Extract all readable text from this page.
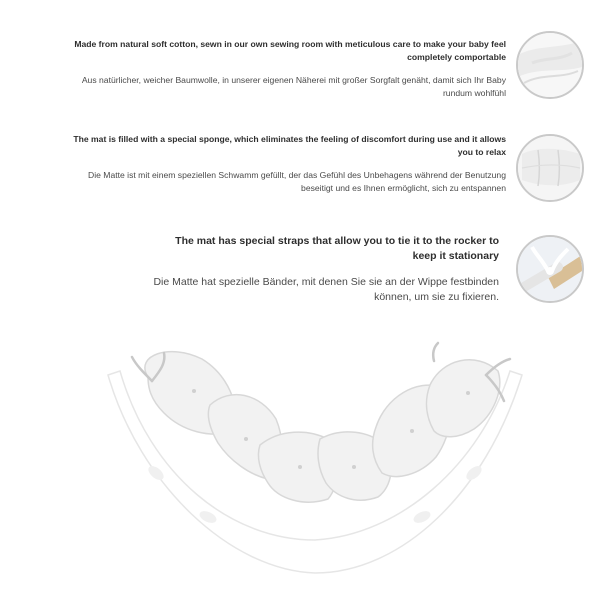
Made from natural soft cotton, sewn in our own sewing room with meticulous care to make your baby feel completely comportable
Aus natürlicher, weicher Baumwolle, in unserer eigenen Näherei mit großer Sorgfalt genäht, damit sich Ihr Baby rundum wohlfühl
The mat is filled with a special sponge, which eliminates the feeling of discomfort during use and it allows you to relax
Die Matte ist mit einem speziellen Schwamm gefüllt, der das Gefühl des Unbehagens während der Benutzung beseitigt und es Ihnen ermöglicht, sich zu entspannen
The mat has special straps that allow you to tie it to the rocker to keep it stationary
Die Matte hat spezielle Bänder, mit denen Sie sie an der Wippe festbinden können, um sie zu fixieren.
